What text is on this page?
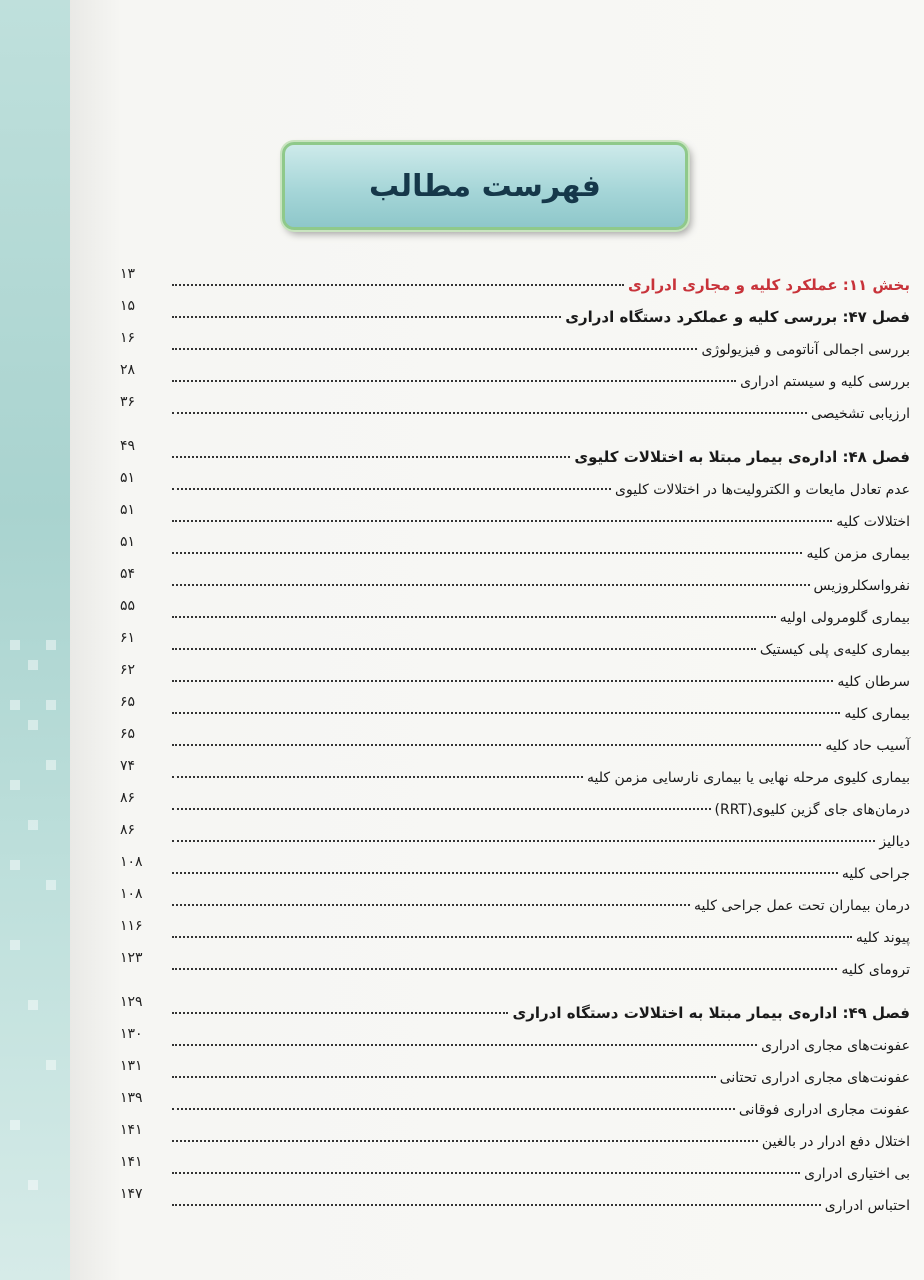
فهرست مطالب
۱۳
بخش ۱۱: عملکرد کلیه و مجاری ادراری
۱۵
فصل ۴۷: بررسی کلیه و عملکرد دستگاه ادراری
۱۶
بررسی اجمالی آناتومی و فیزیولوژی
۲۸
بررسی کلیه و سیستم ادراری
۳۶
ارزیابی تشخیصی
۴۹
فصل ۴۸: اداره‌ی بیمار مبتلا به اختلالات کلیوی
۵۱
عدم تعادل مایعات و الکترولیت‌ها در اختلالات کلیوی
۵۱
اختلالات کلیه
۵۱
بیماری مزمن کلیه
۵۴
نفرواسکلروزیس
۵۵
بیماری گلومرولی اولیه
۶۱
بیماری کلیه‌ی پلی کیستیک
۶۲
سرطان کلیه
۶۵
بیماری کلیه
۶۵
آسیب حاد کلیه
۷۴
بیماری کلیوی مرحله نهایی یا بیماری نارسایی مزمن کلیه
۸۶
درمان‌های جای گزین کلیوی(RRT)
۸۶
دیالیز
۱۰۸
جراحی کلیه
۱۰۸
درمان بیماران تحت عمل جراحی کلیه
۱۱۶
پیوند کلیه
۱۲۳
ترومای کلیه
۱۲۹
فصل ۴۹: اداره‌ی بیمار مبتلا به اختلالات دستگاه ادراری
۱۳۰
عفونت‌های مجاری ادراری
۱۳۱
عفونت‌های مجاری ادراری تحتانی
۱۳۹
عفونت مجاری ادراری فوقانی
۱۴۱
اختلال دفع ادرار در بالغین
۱۴۱
بی اختیاری ادراری
۱۴۷
احتباس ادراری
